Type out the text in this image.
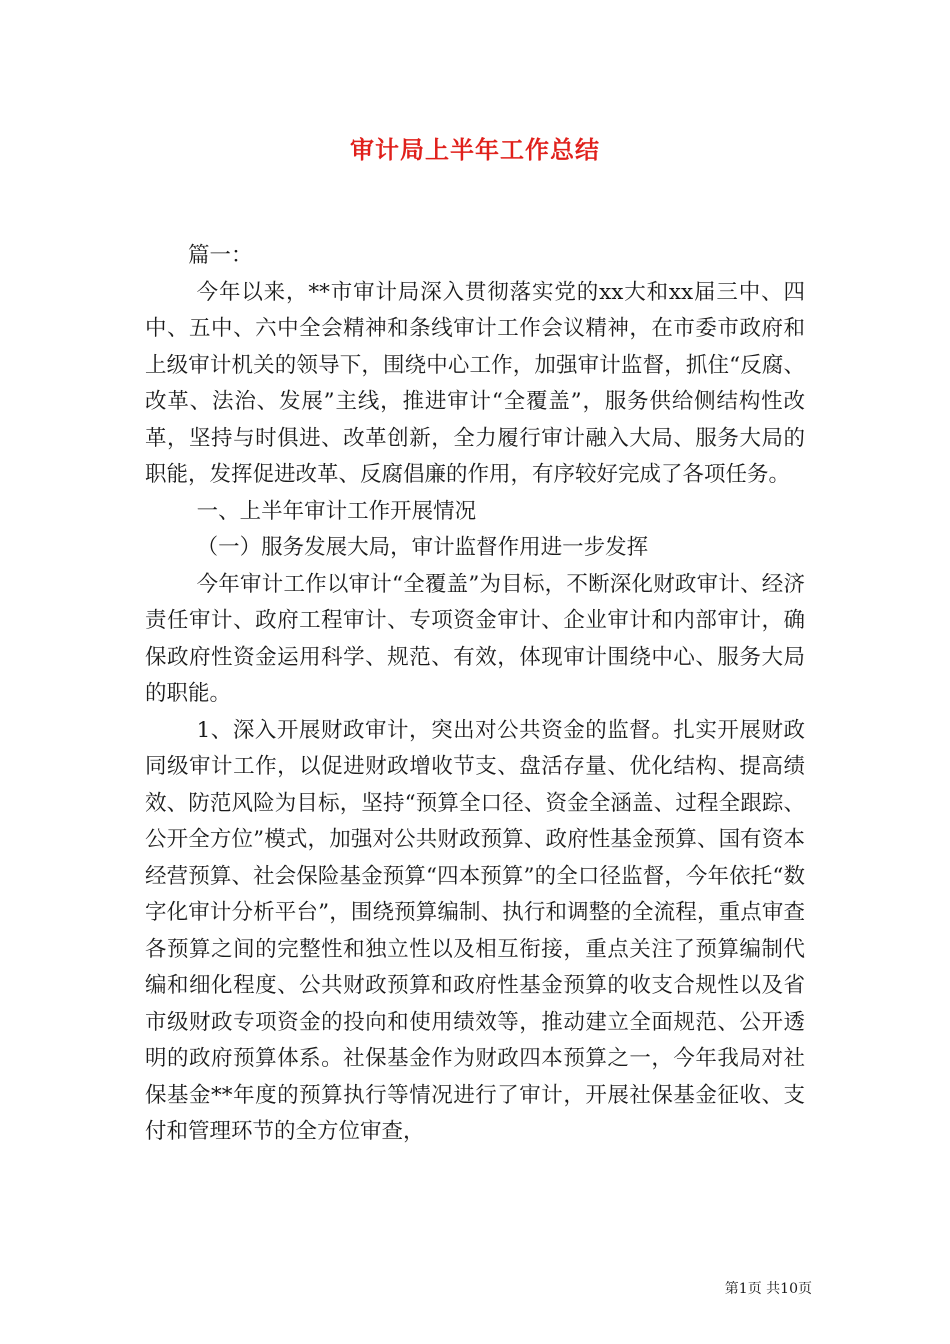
审计局上半年工作总结

篇一：

今年以来，**市审计局深入贯彻落实党的xx大和xx届三中、四中、五中、六中全会精神和条线审计工作会议精神，在市委市政府和上级审计机关的领导下，围绕中心工作，加强审计监督，抓住“反腐、改革、法治、发展”主线，推进审计“全覆盖”，服务供给侧结构性改革，坚持与时俱进、改革创新，全力履行审计融入大局、服务大局的职能，发挥促进改革、反腐倡廉的作用，有序较好完成了各项任务。

一、上半年审计工作开展情况

（一）服务发展大局，审计监督作用进一步发挥

今年审计工作以审计“全覆盖”为目标，不断深化财政审计、经济责任审计、政府工程审计、专项资金审计、企业审计和内部审计，确保政府性资金运用科学、规范、有效，体现审计围绕中心、服务大局的职能。

1、深入开展财政审计，突出对公共资金的监督。扎实开展财政同级审计工作，以促进财政增收节支、盘活存量、优化结构、提高绩效、防范风险为目标，坚持“预算全口径、资金全涵盖、过程全跟踪、公开全方位”模式，加强对公共财政预算、政府性基金预算、国有资本经营预算、社会保险基金预算“四本预算”的全口径监督，今年依托“数字化审计分析平台”，围绕预算编制、执行和调整的全流程，重点审查各预算之间的完整性和独立性以及相互衔接，重点关注了预算编制代编和细化程度、公共财政预算和政府性基金预算的收支合规性以及省市级财政专项资金的投向和使用绩效等，推动建立全面规范、公开透明的政府预算体系。社保基金作为财政四本预算之一，今年我局对社保基金**年度的预算执行等情况进行了审计，开展社保基金征收、支付和管理环节的全方位审查，

第1页 共10页
